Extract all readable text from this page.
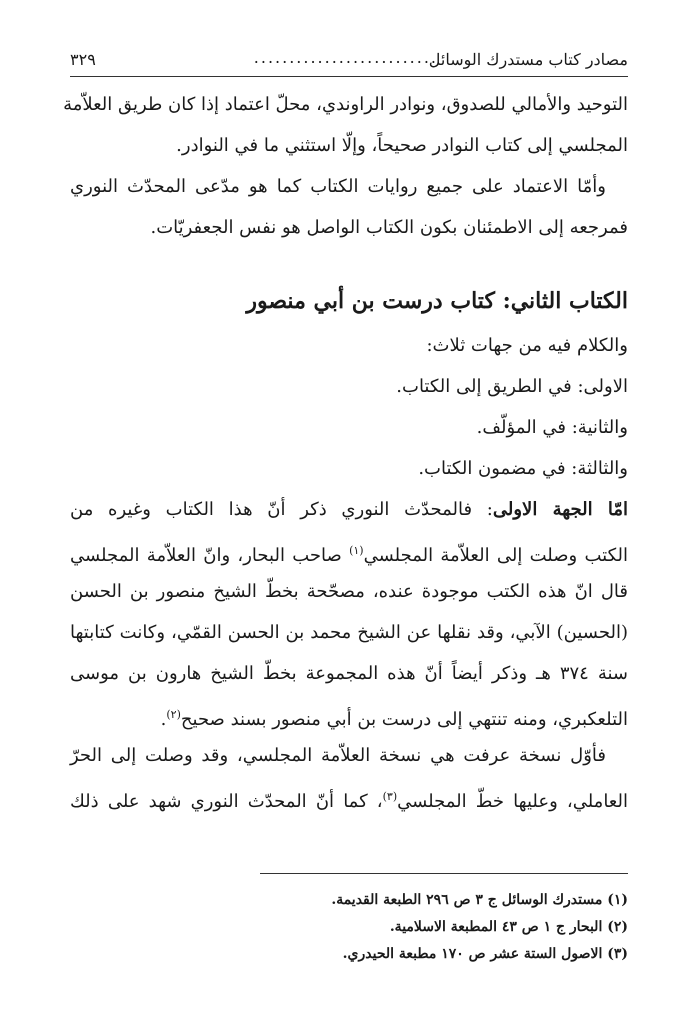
مصادر كتاب مستدرك الوسائل
..........................
٣٢٩
التوحيد والأمالي للصدوق، ونوادر الراوندي، محلّ اعتماد إذا كان طريق العلاّمة
المجلسي إلى كتاب النوادر صحيحاً، وإلّا استثني ما في النوادر.
وأمّا الاعتماد على جميع روايات الكتاب كما هو مدّعى المحدّث النوري
فمرجعه إلى الاطمئنان بكون الكتاب الواصل هو نفس الجعفريّات.
الكتاب الثاني: كتاب درست بن أبي منصور
والكلام فيه من جهات ثلاث:
الاولى: في الطريق إلى الكتاب.
والثانية: في المؤلّف.
والثالثة: في مضمون الكتاب.
امّا الجهة الاولى: فالمحدّث النوري ذكر أنّ هذا الكتاب وغيره من
الكتب وصلت إلى العلاّمة المجلسي$^{(١)}$ صاحب البحار، وانّ العلاّمة المجلسي
قال انّ هذه الكتب موجودة عنده، مصحّحة بخطّ الشيخ منصور بن الحسن
(الحسين) الآبي، وقد نقلها عن الشيخ محمد بن الحسن القمّي، وكانت كتابتها
سنة ٣٧٤ هـ وذكر أيضاً أنّ هذه المجموعة بخطّ الشيخ هارون بن موسى
التلعكبري، ومنه تنتهي إلى درست بن أبي منصور بسند صحيح$^{(٢)}$.
فأوّل نسخة عرفت هي نسخة العلاّمة المجلسي، وقد وصلت إلى الحرّ
العاملي، وعليها خطّ المجلسي$^{(٣)}$، كما أنّ المحدّث النوري شهد على ذلك
(١) مستدرك الوسائل ج ٣ ص ٢٩٦ الطبعة القديمة.
(٢) البحار ج ١ ص ٤٣ المطبعة الاسلامية.
(٣) الاصول الستة عشر ص ١٧٠ مطبعة الحيدري.
